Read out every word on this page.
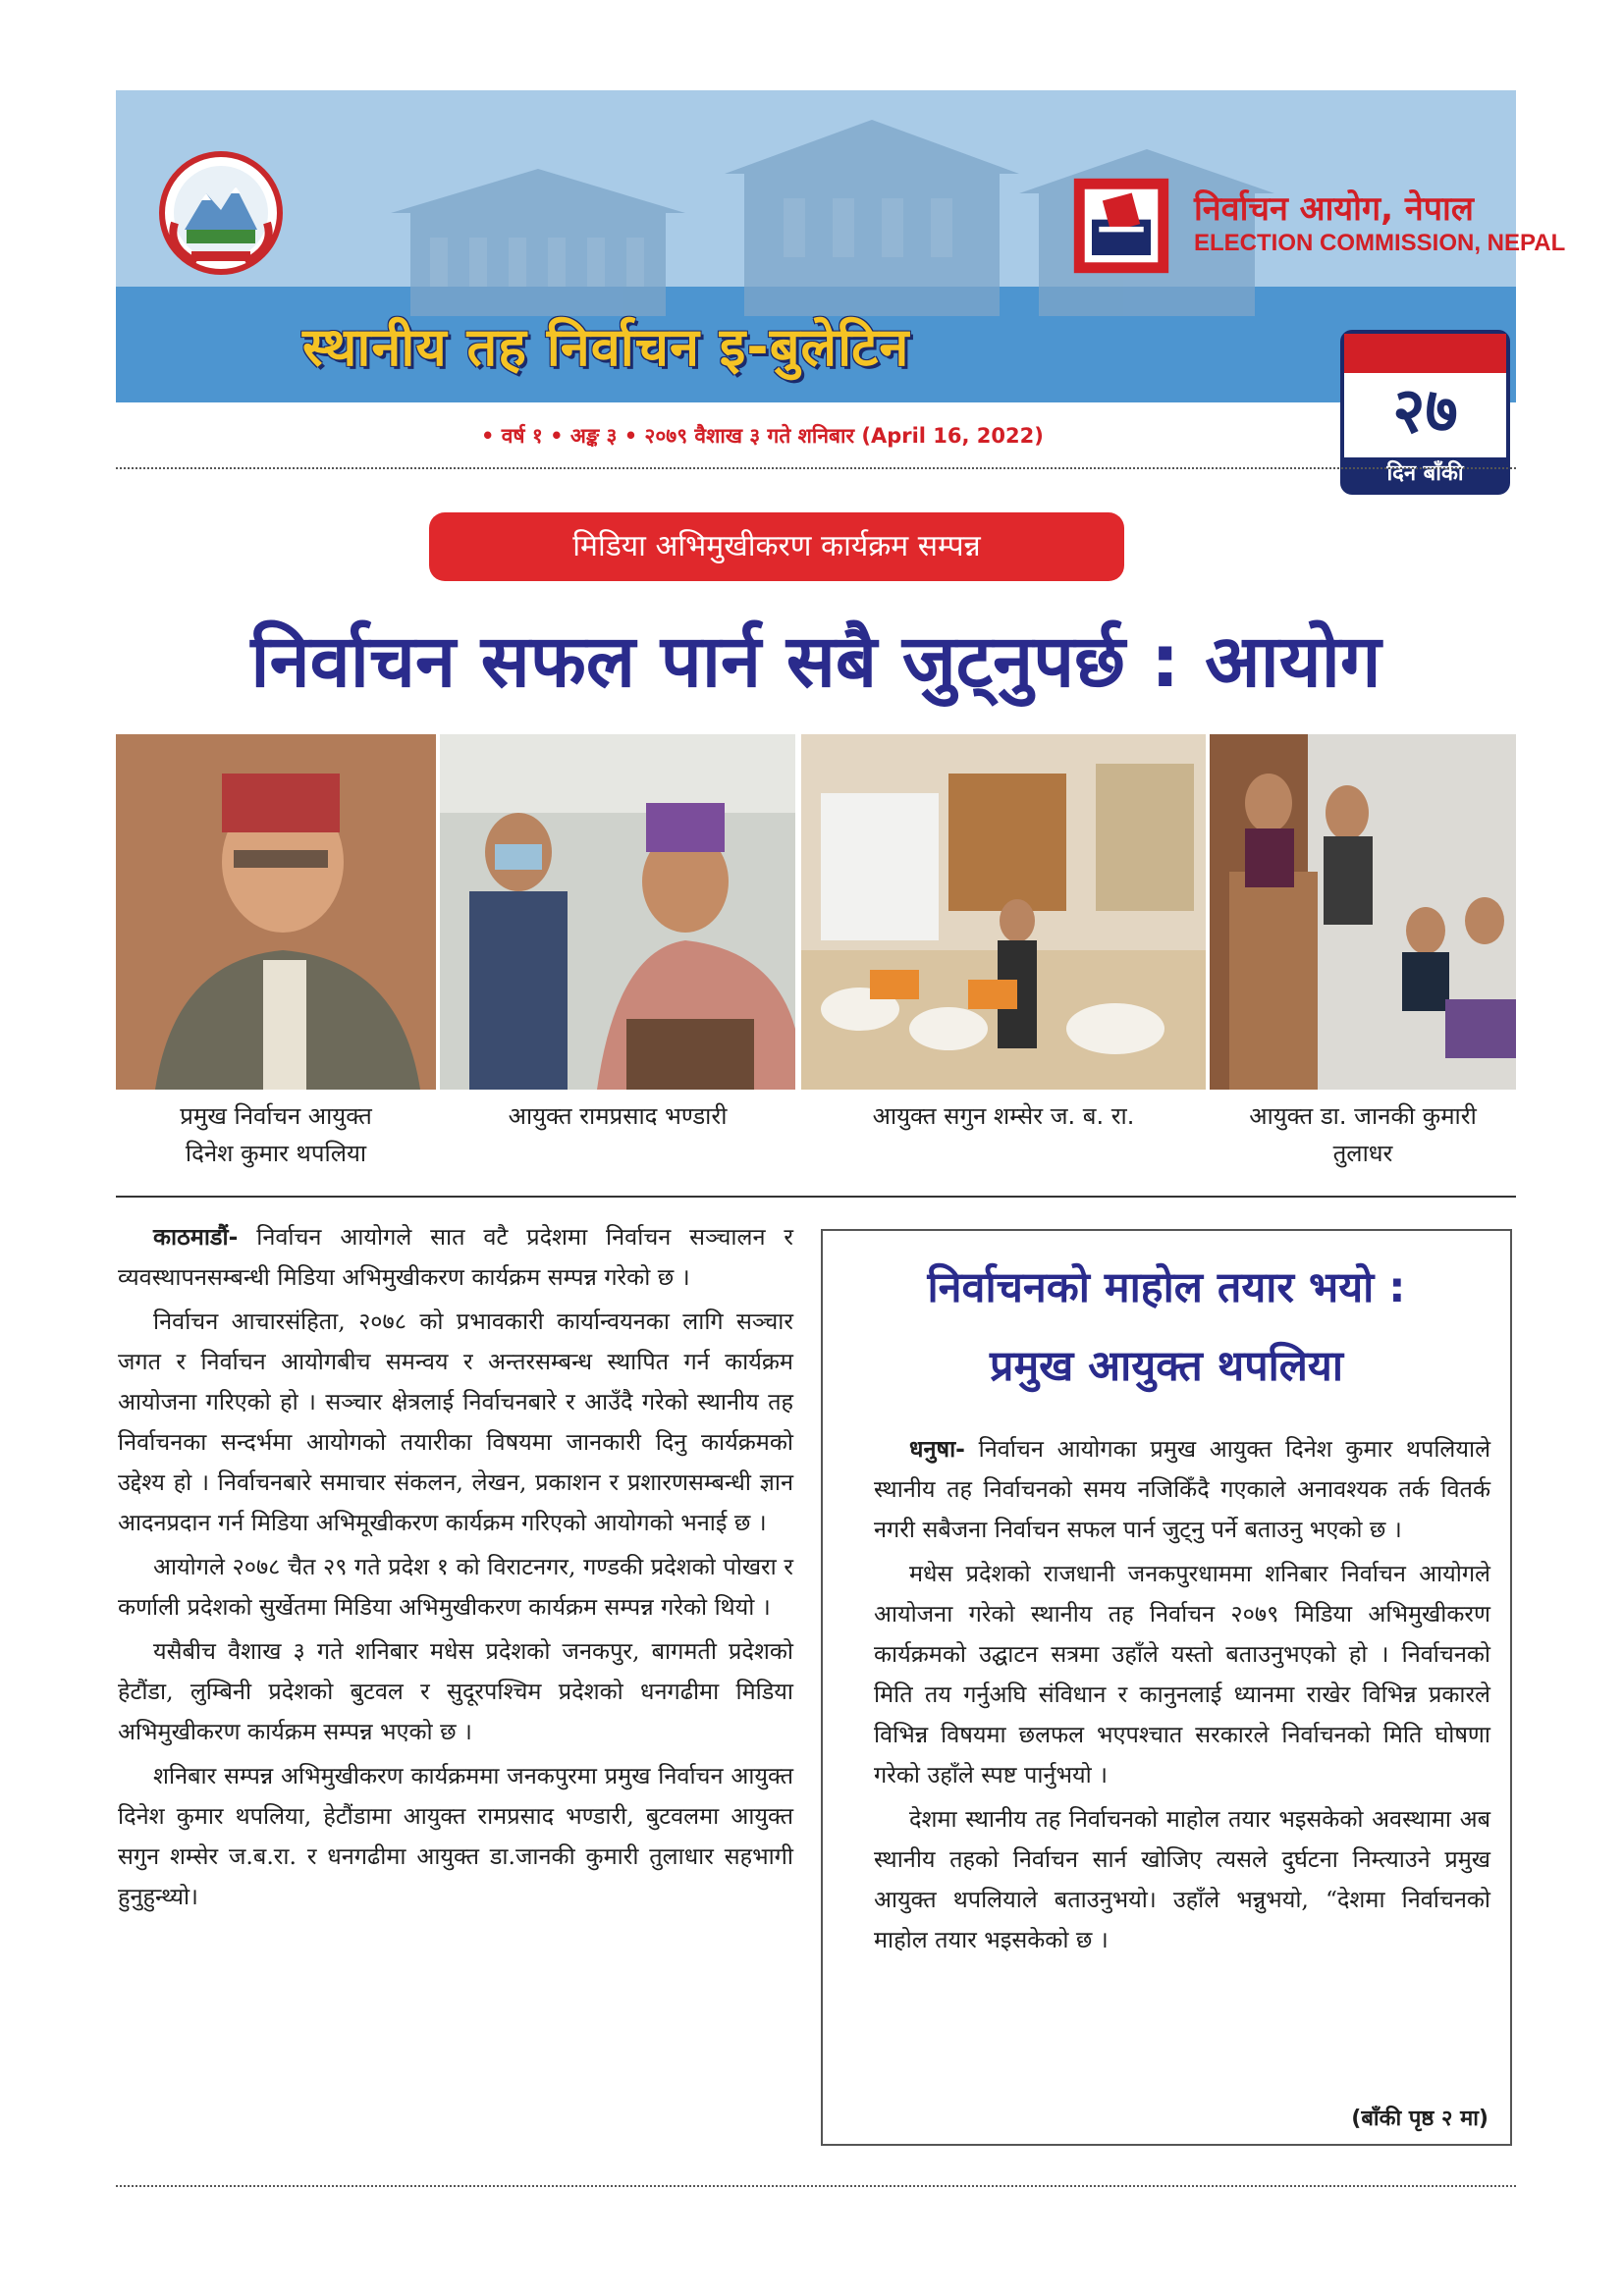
निर्वाचन आयोग, नेपाल
ELECTION COMMISSION, NEPAL
स्थानीय तह निर्वाचन इ-बुलेटिन
२७
दिन बाँकी
• वर्ष १ • अङ्क ३ • २०७९ वैशाख ३ गते शनिबार (April 16, 2022)
मिडिया अभिमुखीकरण कार्यक्रम सम्पन्न
निर्वाचन सफल पार्न सबै जुट्नुपर्छ : आयोग
प्रमुख निर्वाचन आयुक्त
दिनेश कुमार थपलिया
आयुक्त रामप्रसाद भण्डारी	आयुक्त सगुन शम्सेर ज. ब. रा.	आयुक्त डा. जानकी कुमारी
तुलाधर

काठमाडौं- निर्वाचन आयोगले सात वटै प्रदेशमा निर्वाचन सञ्चालन र व्यवस्थापनसम्बन्धी मिडिया अभिमुखीकरण कार्यक्रम सम्पन्न गरेको छ ।

निर्वाचन आचारसंहिता, २०७८ को प्रभावकारी कार्यान्वयनका लागि सञ्चार जगत र निर्वाचन आयोगबीच समन्वय र अन्तरसम्बन्ध स्थापित गर्न कार्यक्रम आयोजना गरिएको हो । सञ्चार क्षेत्रलाई निर्वाचनबारे र आउँदै गरेको स्थानीय तह निर्वाचनका सन्दर्भमा आयोगको तयारीका विषयमा जानकारी दिनु कार्यक्रमको उद्देश्य हो । निर्वाचनबारे समाचार संकलन, लेखन, प्रकाशन र प्रशारणसम्बन्धी ज्ञान आदनप्रदान गर्न मिडिया अभिमूखीकरण कार्यक्रम गरिएको आयोगको भनाई छ ।

आयोगले २०७८ चैत २९ गते प्रदेश १ को विराटनगर, गण्डकी प्रदेशको पोखरा र कर्णाली प्रदेशको सुर्खेतमा मिडिया अभिमुखीकरण कार्यक्रम सम्पन्न गरेको थियो ।

यसैबीच वैशाख ३ गते शनिबार मधेस प्रदेशको जनकपुर, बागमती प्रदेशको हेटौंडा, लुम्बिनी प्रदेशको बुटवल र सुदूरपश्चिम प्रदेशको धनगढीमा मिडिया अभिमुखीकरण कार्यक्रम सम्पन्न भएको छ ।

शनिबार सम्पन्न अभिमुखीकरण कार्यक्रममा जनकपुरमा प्रमुख निर्वाचन आयुक्त दिनेश कुमार थपलिया, हेटौंडामा आयुक्त रामप्रसाद भण्डारी, बुटवलमा आयुक्त सगुन शम्सेर ज.ब.रा. र धनगढीमा आयुक्त डा.जानकी कुमारी तुलाधार सहभागी हुनुहुन्थ्यो।

निर्वाचनको माहोल तयार भयो :
प्रमुख आयुक्त थपलिया

धनुषा- निर्वाचन आयोगका प्रमुख आयुक्त दिनेश कुमार थपलियाले स्थानीय तह निर्वाचनको समय नजिकिँदै गएकाले अनावश्यक तर्क वितर्क नगरी सबैजना निर्वाचन सफल पार्न जुट्नु पर्ने बताउनु भएको छ ।

मधेस प्रदेशको राजधानी जनकपुरधाममा शनिबार निर्वाचन आयोगले आयोजना गरेको स्थानीय तह निर्वाचन २०७९ मिडिया अभिमुखीकरण कार्यक्रमको उद्घाटन सत्रमा उहाँले यस्तो बताउनुभएको हो । निर्वाचनको मिति तय गर्नुअघि संविधान र कानुनलाई ध्यानमा राखेर विभिन्न प्रकारले विभिन्न विषयमा छलफल भएपश्चात सरकारले निर्वाचनको मिति घोषणा गरेको उहाँले स्पष्ट पार्नुभयो ।

देशमा स्थानीय तह निर्वाचनको माहोल तयार भइसकेको अवस्थामा अब स्थानीय तहको निर्वाचन सार्न खोजिए त्यसले दुर्घटना निम्त्याउने प्रमुख आयुक्त थपलियाले बताउनुभयो। उहाँले भन्नुभयो, “देशमा निर्वाचनको माहोल तयार भइसकेको छ ।

(बाँकी पृष्ठ २ मा)
